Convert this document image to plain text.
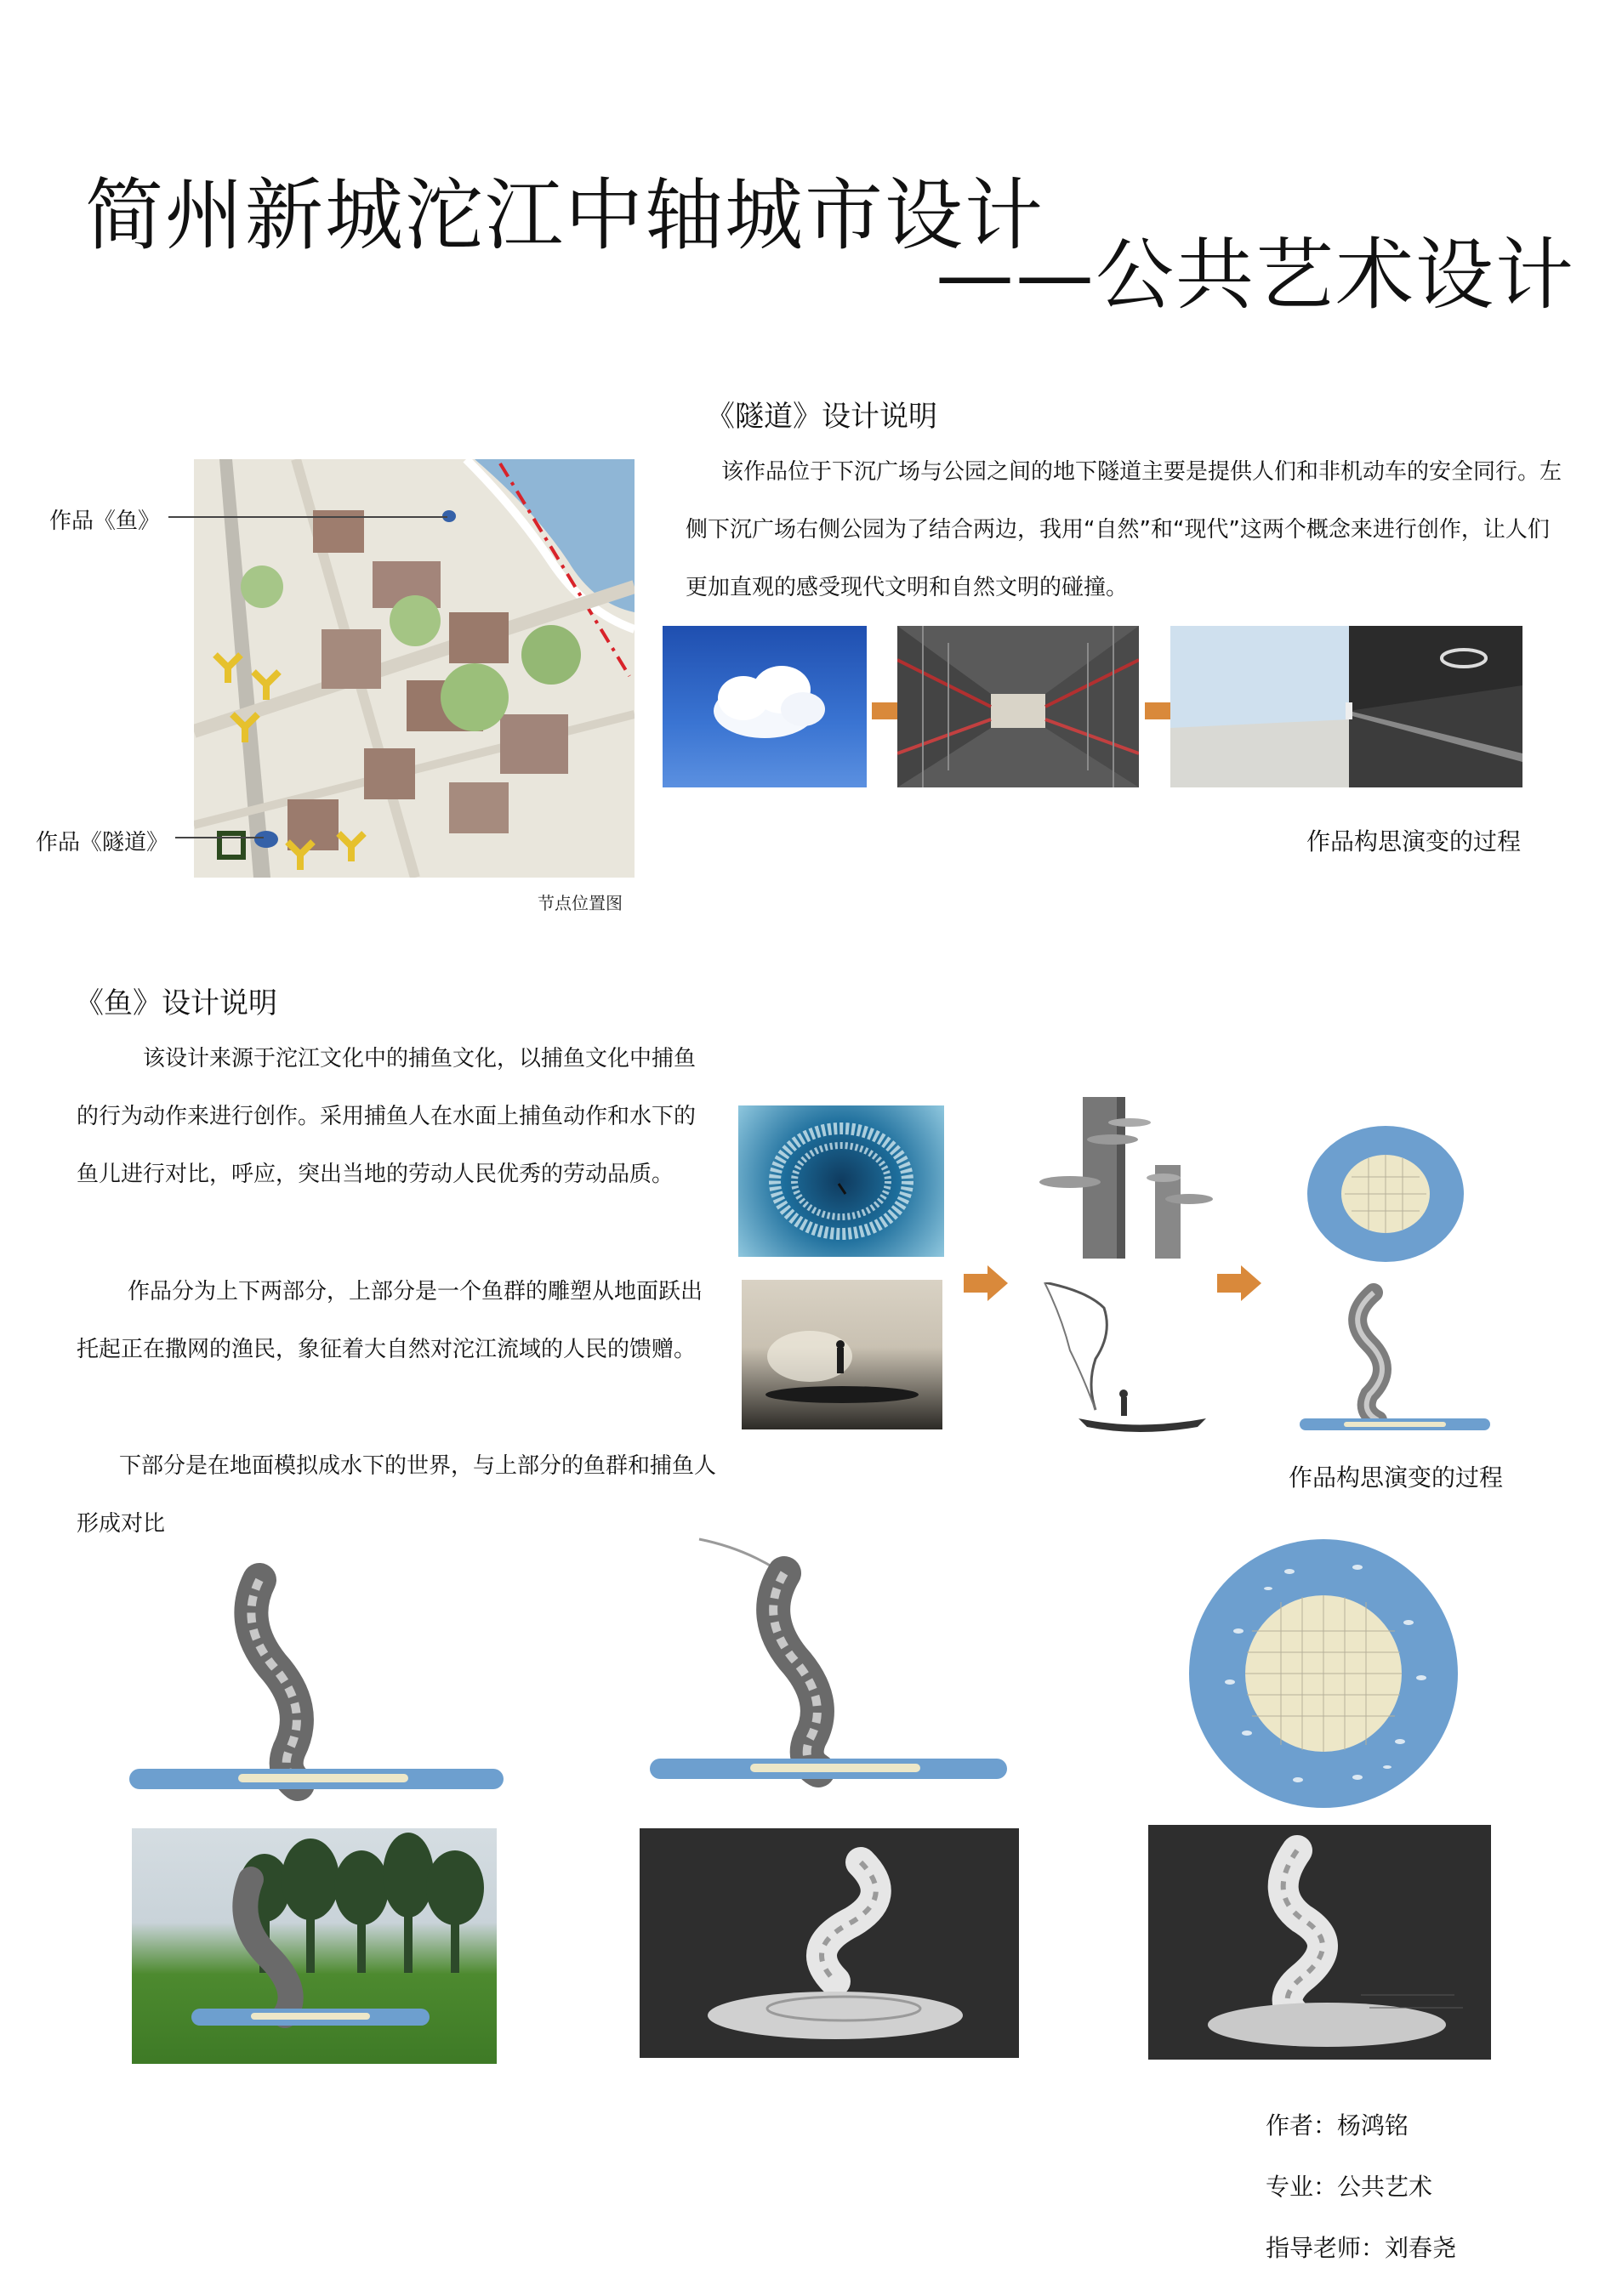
简州新城沱江中轴城市设计
——公共艺术设计
作品《鱼》
作品《隧道》
节点位置图
《隧道》设计说明
该作品位于下沉广场与公园之间的地下隧道主要是提供人们和非机动车的安全同行。左侧下沉广场右侧公园为了结合两边，我用“自然”和“现代”这两个概念来进行创作，让人们更加直观的感受现代文明和自然文明的碰撞。
作品构思演变的过程
《鱼》设计说明
该设计来源于沱江文化中的捕鱼文化，以捕鱼文化中捕鱼的行为动作来进行创作。采用捕鱼人在水面上捕鱼动作和水下的鱼儿进行对比，呼应，突出当地的劳动人民优秀的劳动品质。
作品分为上下两部分，上部分是一个鱼群的雕塑从地面跃出托起正在撒网的渔民，象征着大自然对沱江流域的人民的馈赠。
下部分是在地面模拟成水下的世界，与上部分的鱼群和捕鱼人形成对比
作品构思演变的过程
作者：杨鸿铭
专业：公共艺术
指导老师：刘春尧
